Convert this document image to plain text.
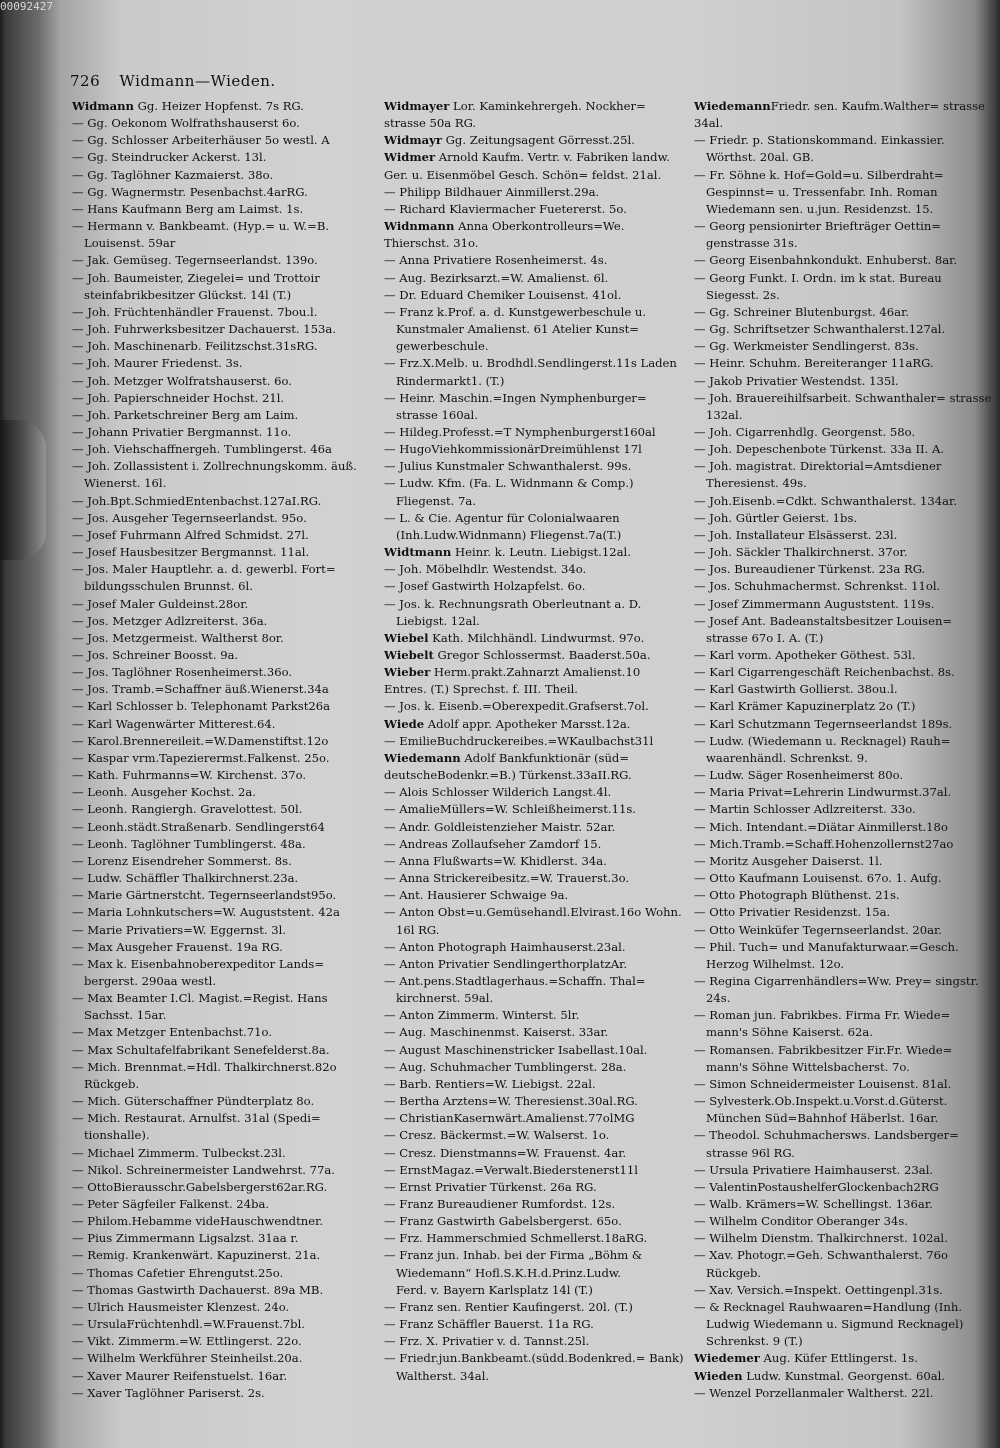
00092427
726 Widmann—Wieden.

Widmann Gg. Heizer Hopfenst. 7s RG.

— Gg. Oekonom Wolfrathshauserst 6o.

— Gg. Schlosser Arbeiterhäuser 5o westl. A

— Gg. Steindrucker Ackerst. 13l.

— Gg. Taglöhner Kazmaierst. 38o.

— Gg. Wagnermstr. Pesenbachst.4arRG.

— Hans Kaufmann Berg am Laimst. 1s.

— Hermann v. Bankbeamt. (Hyp.= u. W.=B. Louisenst. 59ar

— Jak. Gemüseg. Tegernseerlandst. 139o.

— Joh. Baumeister, Ziegelei= und Trottoir steinfabrikbesitzer Glückst. 14l (T.)

— Joh. Früchtenhändler Frauenst. 7bou.l.

— Joh. Fuhrwerksbesitzer Dachauerst. 153a.

— Joh. Maschinenarb. Feilitzschst.31sRG.

— Joh. Maurer Friedenst. 3s.

— Joh. Metzger Wolfratshauserst. 6o.

— Joh. Papierschneider Hochst. 21l.

— Joh. Parketschreiner Berg am Laim.

— Johann Privatier Bergmannst. 11o.

— Joh. Viehschaffnergeh. Tumblingerst. 46a

— Joh. Zollassistent i. Zollrechnungskomm. äuß. Wienerst. 16l.

— Joh.Bpt.SchmiedEntenbachst.127aI.RG.

— Jos. Ausgeher Tegernseerlandst. 95o.

— Josef Fuhrmann Alfred Schmidst. 27l.

— Josef Hausbesitzer Bergmannst. 11al.

— Jos. Maler Hauptlehr. a. d. gewerbl. Fort= bildungsschulen Brunnst. 6l.

— Josef Maler Guldeinst.28or.

— Jos. Metzger Adlzreiterst. 36a.

— Jos. Metzgermeist. Waltherst 8or.

— Jos. Schreiner Boosst. 9a.

— Jos. Taglöhner Rosenheimerst.36o.

— Jos. Tramb.=Schaffner äuß.Wienerst.34a

— Karl Schlosser b. Telephonamt Parkst26a

— Karl Wagenwärter Mitterest.64.

— Karol.Brennereileit.=W.Damenstiftst.12o

— Kaspar vrm.Tapezierermst.Falkenst. 25o.

— Kath. Fuhrmanns=W. Kirchenst. 37o.

— Leonh. Ausgeher Kochst. 2a.

— Leonh. Rangiergh. Gravelottest. 50l.

— Leonh.städt.Straßenarb. Sendlingerst64

— Leonh. Taglöhner Tumblingerst. 48a.

— Lorenz Eisendreher Sommerst. 8s.

— Ludw. Schäffler Thalkirchnerst.23a.

— Marie Gärtnerstcht. Tegernseerlandst95o.

— Maria Lohnkutschers=W. Auguststent. 42a

— Marie Privatiers=W. Eggernst. 3l.

— Max Ausgeher Frauenst. 19a RG.

— Max k. Eisenbahnoberexpeditor Lands= bergerst. 290aa westl.

— Max Beamter I.Cl. Magist.=Regist. Hans Sachsst. 15ar.

— Max Metzger Entenbachst.71o.

— Max Schultafelfabrikant Senefelderst.8a.

— Mich. Brennmat.=Hdl. Thalkirchnerst.82o Rückgeb.

— Mich. Güterschaffner Pündterplatz 8o.

— Mich. Restaurat. Arnulfst. 31al (Spedi= tionshalle).

— Michael Zimmerm. Tulbeckst.23l.

— Nikol. Schreinermeister Landwehrst. 77a.

— OttoBierausschr.Gabelsbergerst62ar.RG.

— Peter Sägfeiler Falkenst. 24ba.

— Philom.Hebamme videHauschwendtner.

— Pius Zimmermann Ligsalzst. 31aa r.

— Remig. Krankenwärt. Kapuzinerst. 21a.

— Thomas Cafetier Ehrengutst.25o.

— Thomas Gastwirth Dachauerst. 89a MB.

— Ulrich Hausmeister Klenzest. 24o.

— UrsulaFrüchtenhdl.=W.Frauenst.7bl.

— Vikt. Zimmerm.=W. Ettlingerst. 22o.

— Wilhelm Werkführer Steinheilst.20a.

— Xaver Maurer Reifenstuelst. 16ar.

— Xaver Taglöhner Pariserst. 2s.

Widmayer Lor. Kaminkehrergeh. Nockher= strasse 50a RG.

Widmayr Gg. Zeitungsagent Görresst.25l.

Widmer Arnold Kaufm. Vertr. v. Fabriken landw. Ger. u. Eisenmöbel Gesch. Schön= feldst. 21al.

— Philipp Bildhauer Ainmillerst.29a.

— Richard Klaviermacher Fuetererst. 5o.

Widnmann Anna Oberkontrolleurs=We. Thierschst. 31o.

— Anna Privatiere Rosenheimerst. 4s.

— Aug. Bezirksarzt.=W. Amalienst. 6l.

— Dr. Eduard Chemiker Louisenst. 41ol.

— Franz k.Prof. a. d. Kunstgewerbeschule u. Kunstmaler Amalienst. 61 Atelier Kunst= gewerbeschule.

— Frz.X.Melb. u. Brodhdl.Sendlingerst.11s Laden Rindermarkt1. (T.)

— Heinr. Maschin.=Ingen Nymphenburger= strasse 160al.

— Hildeg.Professt.=T Nymphenburgerst160al

— HugoViehkommissionärDreimühlenst 17l

— Julius Kunstmaler Schwanthalerst. 99s.

— Ludw. Kfm. (Fa. L. Widnmann & Comp.) Fliegenst. 7a.

— L. & Cie. Agentur für Colonialwaaren (Inh.Ludw.Widnmann) Fliegenst.7a(T.)

Widtmann Heinr. k. Leutn. Liebigst.12al.

— Joh. Möbelhdlr. Westendst. 34o.

— Josef Gastwirth Holzapfelst. 6o.

— Jos. k. Rechnungsrath Oberleutnant a. D. Liebigst. 12al.

Wiebel Kath. Milchhändl. Lindwurmst. 97o.

Wiebelt Gregor Schlossermst. Baaderst.50a.

Wieber Herm.prakt.Zahnarzt Amalienst.10 Entres. (T.) Sprechst. f. III. Theil.

— Jos. k. Eisenb.=Oberexpedit.Grafserst.7ol.

Wiede Adolf appr. Apotheker Marsst.12a.

— EmilieBuchdruckereibes.=WKaulbachst31l

Wiedemann Adolf Bankfunktionär (süd= deutscheBodenkr.=B.) Türkenst.33aII.RG.

— Alois Schlosser Wilderich Langst.4l.

— AmalieMüllers=W. Schleißheimerst.11s.

— Andr. Goldleistenzieher Maistr. 52ar.

— Andreas Zollaufseher Zamdorf 15.

— Anna Flußwarts=W. Khidlerst. 34a.

— Anna Strickereibesitz.=W. Trauerst.3o.

— Ant. Hausierer Schwaige 9a.

— Anton Obst=u.Gemüsehandl.Elvirast.16o Wohn. 16l RG.

— Anton Photograph Haimhauserst.23al.

— Anton Privatier SendlingerthorplatzAr.

— Ant.pens.Stadtlagerhaus.=Schaffn. Thal= kirchnerst. 59al.

— Anton Zimmerm. Winterst. 5lr.

— Aug. Maschinenmst. Kaiserst. 33ar.

— August Maschinenstricker Isabellast.10al.

— Aug. Schuhmacher Tumblingerst. 28a.

— Barb. Rentiers=W. Liebigst. 22al.

— Bertha Arztens=W. Theresienst.30al.RG.

— ChristianKasernwärt.Amalienst.77olMG

— Cresz. Bäckermst.=W. Walserst. 1o.

— Cresz. Dienstmanns=W. Frauenst. 4ar.

— ErnstMagaz.=Verwalt.Biederstenerst11l

— Ernst Privatier Türkenst. 26a RG.

— Franz Bureaudiener Rumfordst. 12s.

— Franz Gastwirth Gabelsbergerst. 65o.

— Frz. Hammerschmied Schmellerst.18aRG.

— Franz jun. Inhab. bei der Firma „Böhm & Wiedemann“ Hofl.S.K.H.d.Prinz.Ludw.

Ferd. v. Bayern Karlsplatz 14l (T.)

— Franz sen. Rentier Kaufingerst. 20l. (T.)

— Franz Schäffler Bauerst. 11a RG.

— Frz. X. Privatier v. d. Tannst.25l.

— Friedr.jun.Bankbeamt.(südd.Bodenkred.= Bank) Waltherst. 34al.

WiedemannFriedr. sen. Kaufm.Walther= strasse 34al.

— Friedr. p. Stationskommand. Einkassier. Wörthst. 20al. GB.

— Fr. Söhne k. Hof=Gold=u. Silberdraht= Gespinnst= u. Tressenfabr. Inh. Roman Wiedemann sen. u.jun. Residenzst. 15.

— Georg pensionirter Briefträger Oettin= genstrasse 31s.

— Georg Eisenbahnkondukt. Enhuberst. 8ar.

— Georg Funkt. I. Ordn. im k stat. Bureau Siegesst. 2s.

— Gg. Schreiner Blutenburgst. 46ar.

— Gg. Schriftsetzer Schwanthalerst.127al.

— Gg. Werkmeister Sendlingerst. 83s.

— Heinr. Schuhm. Bereiteranger 11aRG.

— Jakob Privatier Westendst. 135l.

— Joh. Brauereihilfsarbeit. Schwanthaler= strasse 132al.

— Joh. Cigarrenhdlg. Georgenst. 58o.

— Joh. Depeschenbote Türkenst. 33a II. A.

— Joh. magistrat. Direktorial=Amtsdiener Theresienst. 49s.

— Joh.Eisenb.=Cdkt. Schwanthalerst. 134ar.

— Joh. Gürtler Geierst. 1bs.

— Joh. Installateur Elsässerst. 23l.

— Joh. Säckler Thalkirchnerst. 37or.

— Jos. Bureaudiener Türkenst. 23a RG.

— Jos. Schuhmachermst. Schrenkst. 11ol.

— Josef Zimmermann Auguststent. 119s.

— Josef Ant. Badeanstaltsbesitzer Louisen= strasse 67o I. A. (T.)

— Karl vorm. Apotheker Göthest. 53l.

— Karl Cigarrengeschäft Reichenbachst. 8s.

— Karl Gastwirth Gollierst. 38ou.l.

— Karl Krämer Kapuzinerplatz 2o (T.)

— Karl Schutzmann Tegernseerlandst 189s.

— Ludw. (Wiedemann u. Recknagel) Rauh= waarenhändl. Schrenkst. 9.

— Ludw. Säger Rosenheimerst 80o.

— Maria Privat=Lehrerin Lindwurmst.37al.

— Martin Schlosser Adlzreiterst. 33o.

— Mich. Intendant.=Diätar Ainmillerst.18o

— Mich.Tramb.=Schaff.Hohenzollernst27ao

— Moritz Ausgeher Daiserst. 1l.

— Otto Kaufmann Louisenst. 67o. 1. Aufg.

— Otto Photograph Blüthenst. 21s.

— Otto Privatier Residenzst. 15a.

— Otto Weinküfer Tegernseerlandst. 20ar.

— Phil. Tuch= und Manufakturwaar.=Gesch. Herzog Wilhelmst. 12o.

— Regina Cigarrenhändlers=Ww. Prey= singstr. 24s.

— Roman jun. Fabrikbes. Firma Fr. Wiede= mann's Söhne Kaiserst. 62a.

— Romansen. Fabrikbesitzer Fir.Fr. Wiede= mann's Söhne Wittelsbacherst. 7o.

— Simon Schneidermeister Louisenst. 81al.

— Sylvesterk.Ob.Inspekt.u.Vorst.d.Güterst. München Süd=Bahnhof Häberlst. 16ar.

— Theodol. Schuhmachersws. Landsberger= strasse 96l RG.

— Ursula Privatiere Haimhauserst. 23al.

— ValentinPostaushelferGlockenbach2RG

— Walb. Krämers=W. Schellingst. 136ar.

— Wilhelm Conditor Oberanger 34s.

— Wilhelm Dienstm. Thalkirchnerst. 102al.

— Xav. Photogr.=Geh. Schwanthalerst. 76o Rückgeb.

— Xav. Versich.=Inspekt. Oettingenpl.31s.

— & Recknagel Rauhwaaren=Handlung (Inh. Ludwig Wiedemann u. Sigmund Recknagel) Schrenkst. 9 (T.)

Wiedemer Aug. Küfer Ettlingerst. 1s.

Wieden Ludw. Kunstmal. Georgenst. 60al.

— Wenzel Porzellanmaler Waltherst. 22l.
